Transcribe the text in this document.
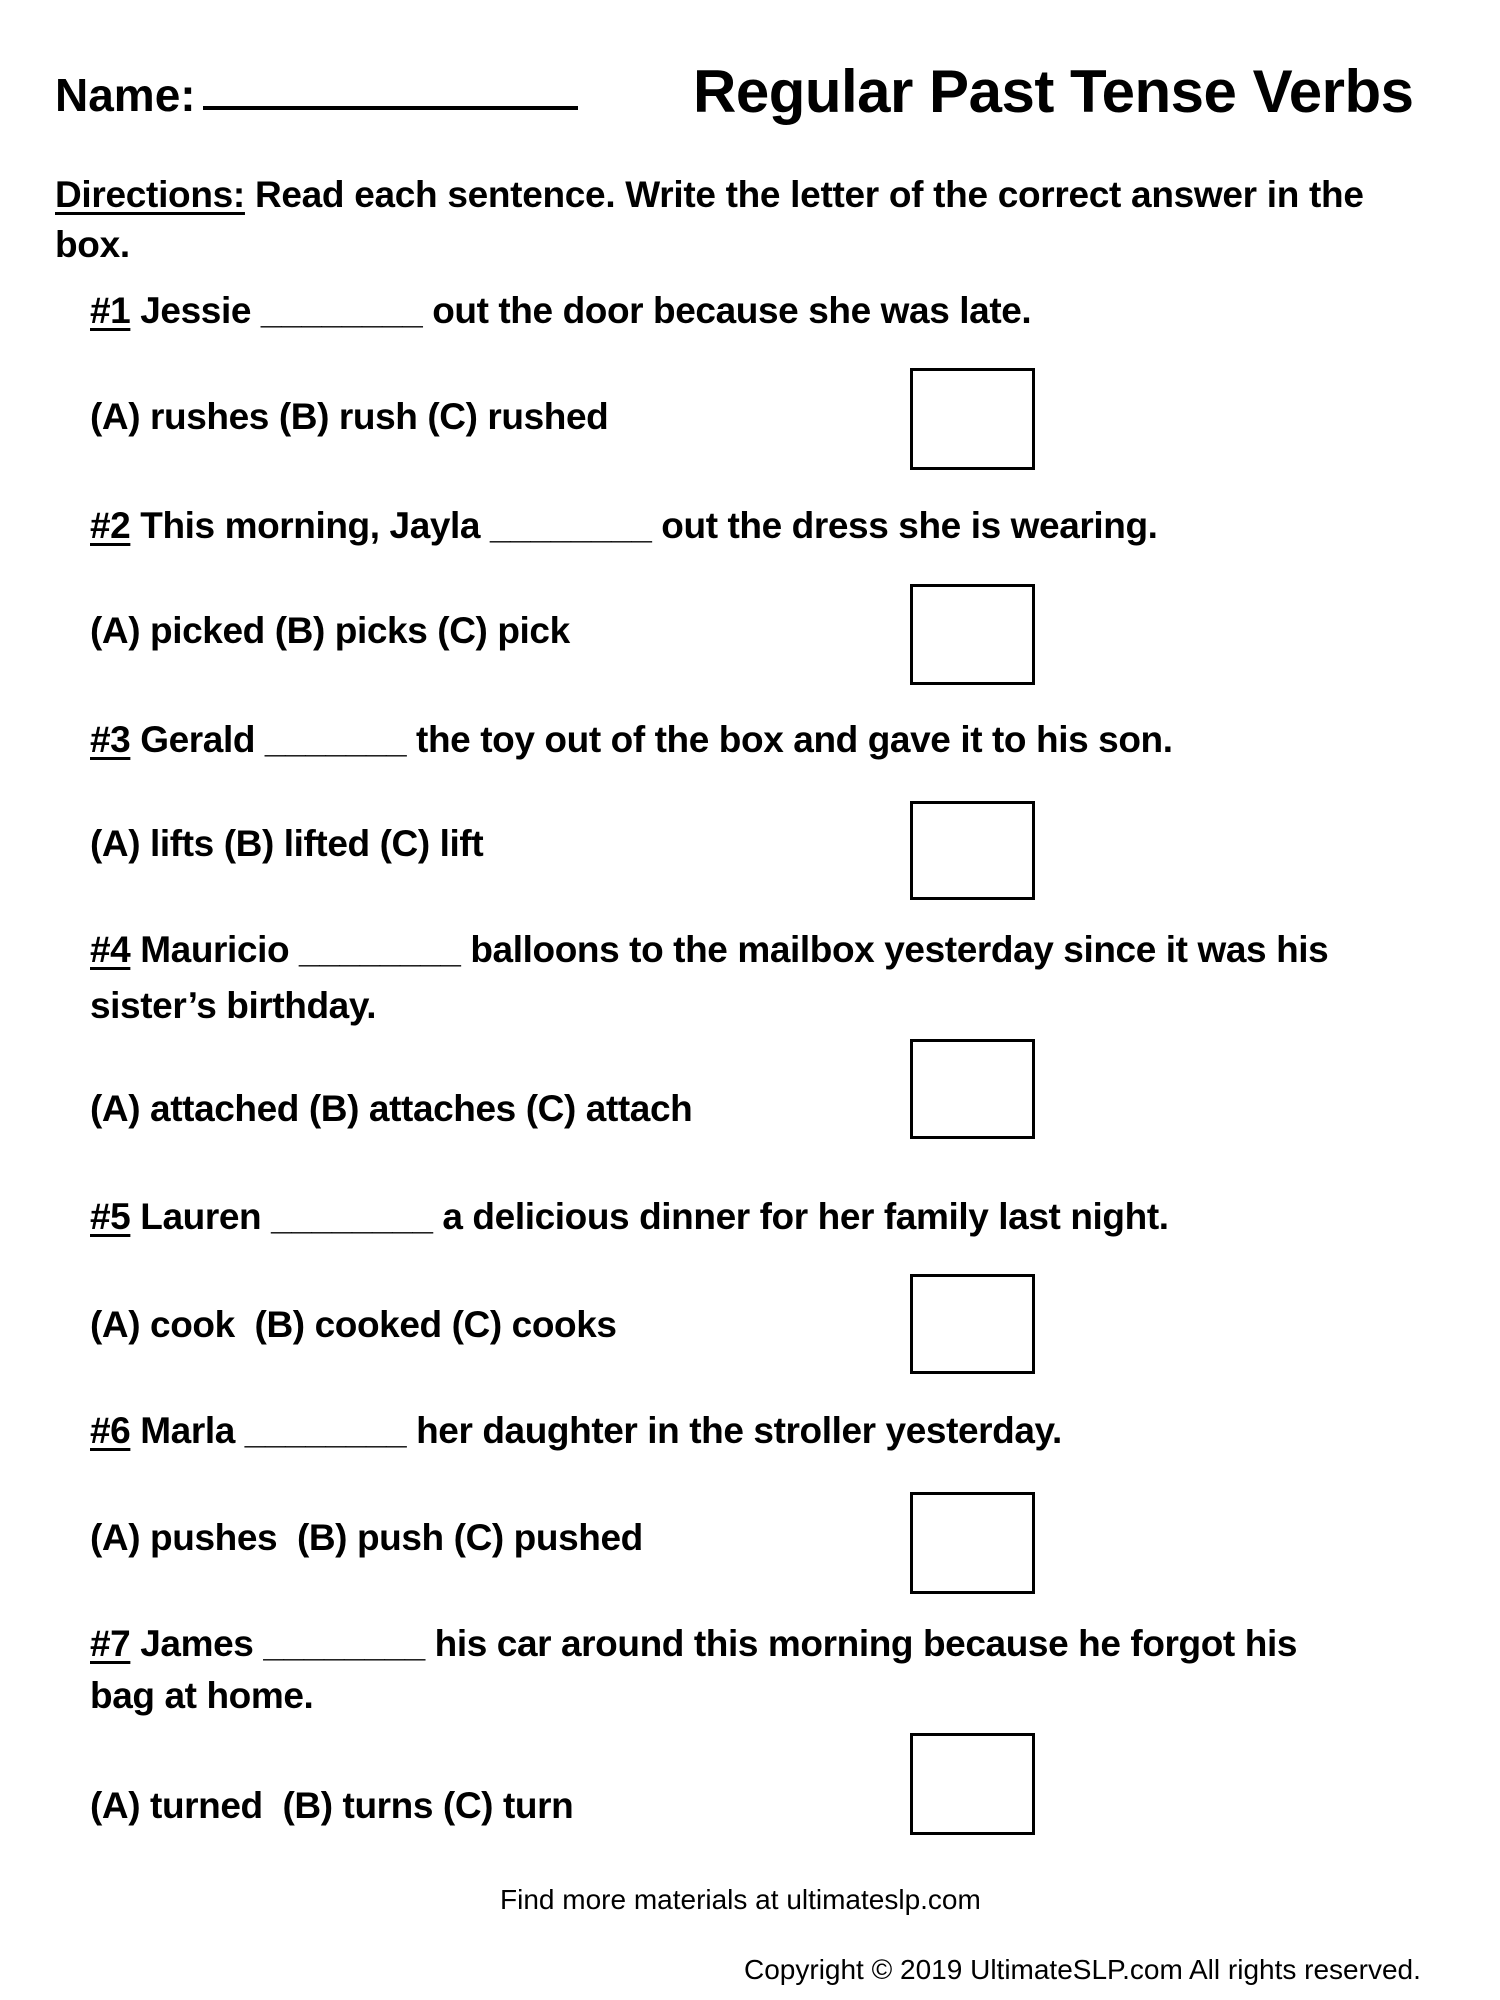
Name:	Regular Past Tense Verbs
Directions: Read each sentence. Write the letter of the correct answer in the
box.
#1 Jessie ________ out the door because she was late.
(A) rushes (B) rush (C) rushed
#2 This morning, Jayla ________ out the dress she is wearing.
(A) picked (B) picks (C) pick
#3 Gerald _______ the toy out of the box and gave it to his son.
(A) lifts (B) lifted (C) lift
#4 Mauricio ________ balloons to the mailbox yesterday since it was his
sister’s birthday.
(A) attached (B) attaches (C) attach
#5 Lauren ________ a delicious dinner for her family last night.
(A) cook  (B) cooked (C) cooks
#6 Marla ________ her daughter in the stroller yesterday.
(A) pushes  (B) push (C) pushed
#7 James ________ his car around this morning because he forgot his
bag at home.
(A) turned  (B) turns (C) turn
Find more materials at ultimateslp.com
Copyright © 2019 UltimateSLP.com All rights reserved.
